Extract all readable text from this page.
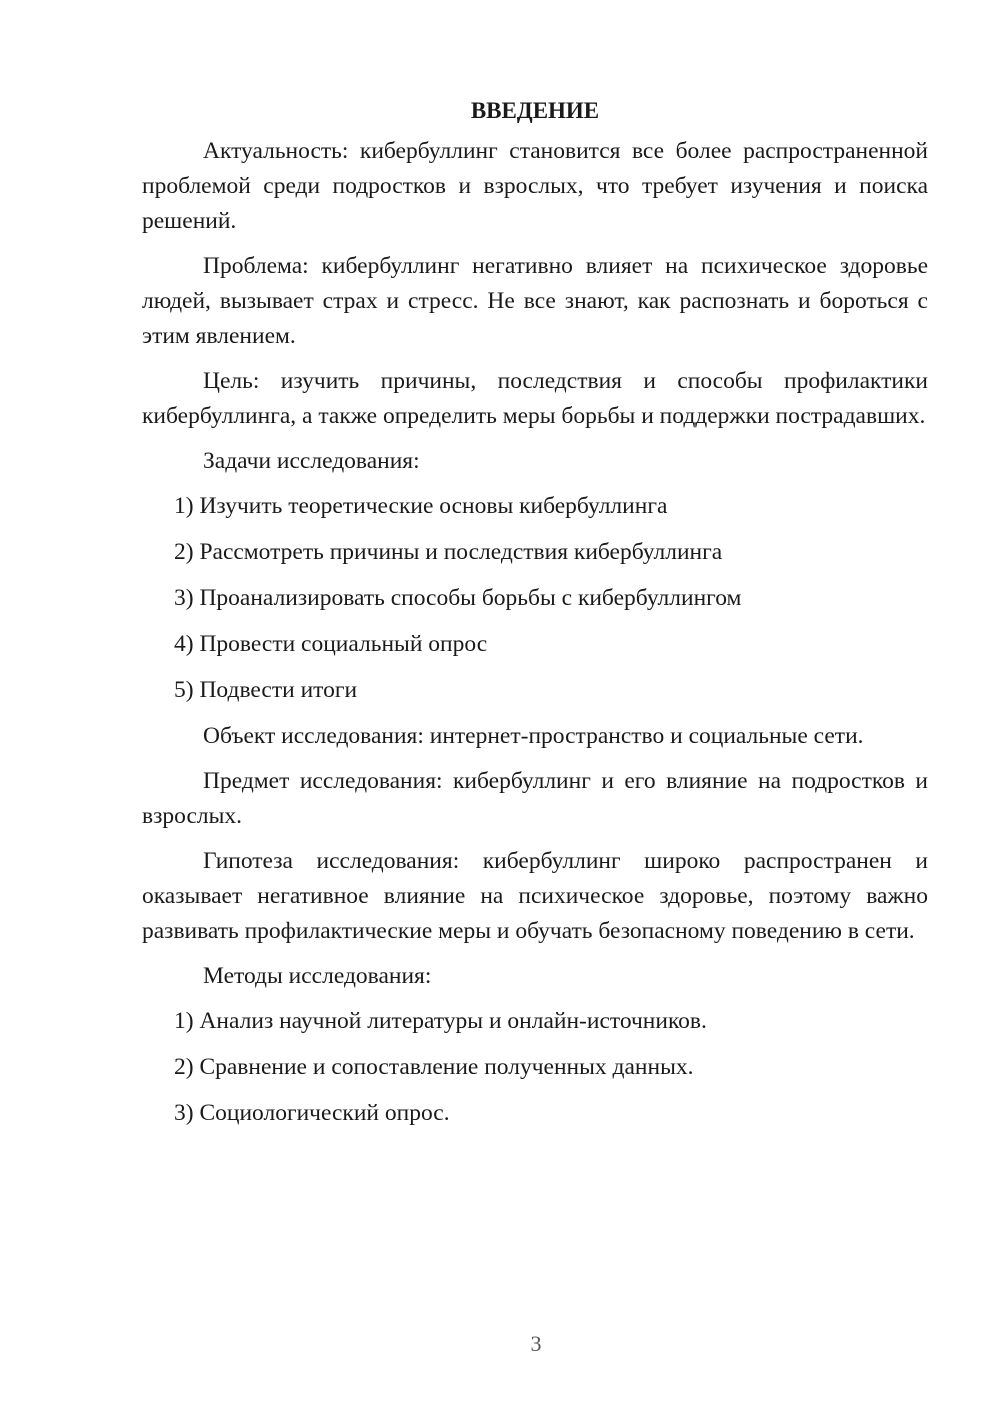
ВВЕДЕНИЕ

Актуальность: кибербуллинг становится все более распространенной проблемой среди подростков и взрослых, что требует изучения и поиска решений.

Проблема: кибербуллинг негативно влияет на психическое здоровье людей, вызывает страх и стресс. Не все знают, как распознать и бороться с этим явлением.

Цель: изучить причины, последствия и способы профилактики кибербуллинга, а также определить меры борьбы и поддержки пострадавших.

Задачи исследования:

1) Изучить теоретические основы кибербуллинга
2) Рассмотреть причины и последствия кибербуллинга
3) Проанализировать способы борьбы с кибербуллингом
4) Провести социальный опрос
5) Подвести итоги

Объект исследования: интернет-пространство и социальные сети.

Предмет исследования: кибербуллинг и его влияние на подростков и взрослых.

Гипотеза исследования: кибербуллинг широко распространен и оказывает негативное влияние на психическое здоровье, поэтому важно развивать профилактические меры и обучать безопасному поведению в сети.

Методы исследования:

1) Анализ научной литературы и онлайн-источников.
2) Сравнение и сопоставление полученных данных.
3) Социологический опрос.
3
